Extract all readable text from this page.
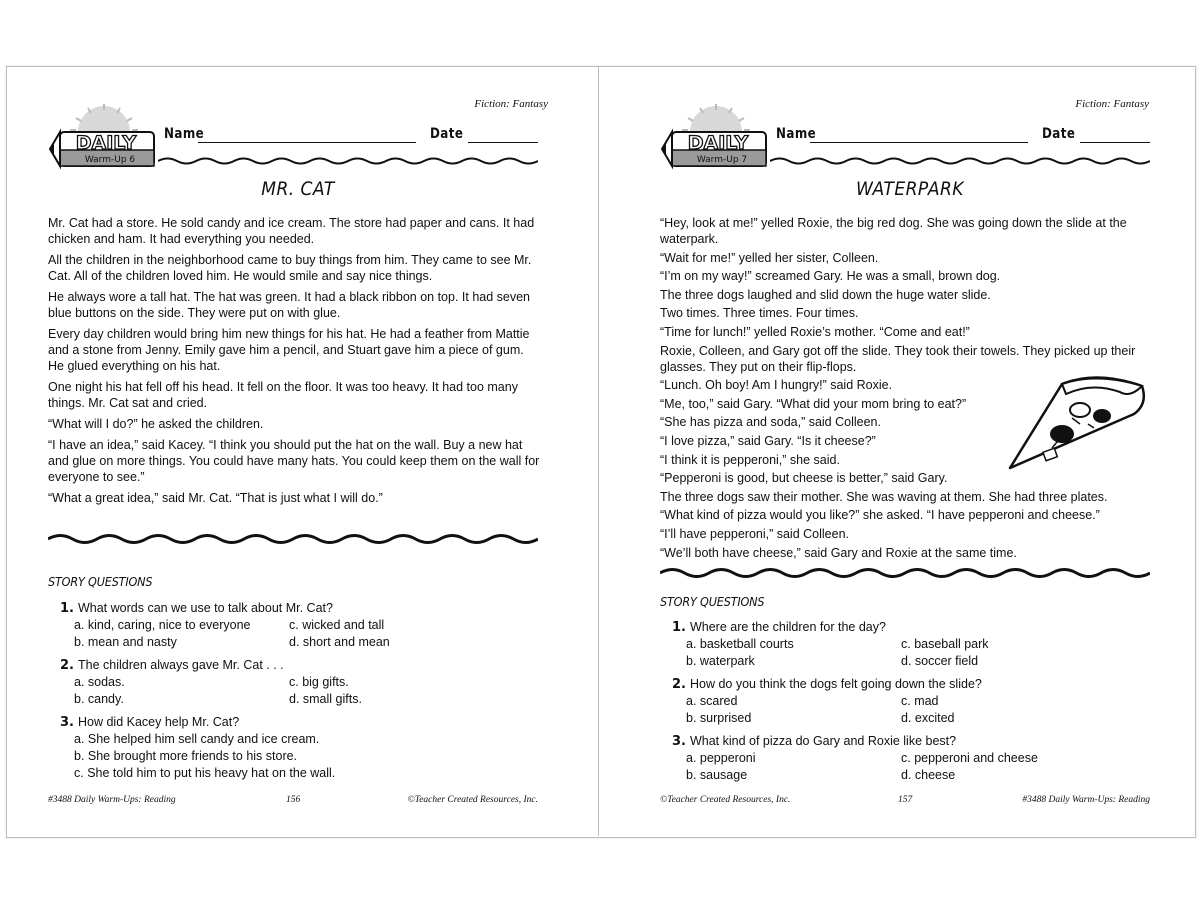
Fiction: Fantasy
DAILY
Warm-Up 6
Name	Date
MR. CAT

Mr. Cat had a store. He sold candy and ice cream. The store had paper and cans. It had chicken and ham. It had everything you needed.

All the children in the neighborhood came to buy things from him. They came to see Mr. Cat. All of the children loved him. He would smile and say nice things.

He always wore a tall hat. The hat was green. It had a black ribbon on top. It had seven blue buttons on the side. They were put on with glue.

Every day children would bring him new things for his hat. He had a feather from Mattie and a stone from Jenny. Emily gave him a pencil, and Stuart gave him a piece of gum. He glued everything on his hat.

One night his hat fell off his head. It fell on the floor. It was too heavy. It had too many things. Mr. Cat sat and cried.

“What will I do?” he asked the children.

“I have an idea,” said Kacey. “I think you should put the hat on the wall. Buy a new hat and glue on more things. You could have many hats. You could keep them on the wall for everyone to see.”

“What a great idea,” said Mr. Cat. “That is just what I will do.”

STORY QUESTIONS
1. What words can we use to talk about Mr. Cat?
a. kind, caring, nice to everyone	c. wicked and tall
b. mean and nasty	d. short and mean
2. The children always gave Mr. Cat . . .
a. sodas.	c. big gifts.
b. candy.	d. small gifts.
3. How did Kacey help Mr. Cat?
a. She helped him sell candy and ice cream.
b. She brought more friends to his store.
c. She told him to put his heavy hat on the wall.
#3488 Daily Warm-Ups: Reading	156	©Teacher Created Resources, Inc.
Fiction: Fantasy
DAILY
Warm-Up 7
Name	Date
WATERPARK

“Hey, look at me!” yelled Roxie, the big red dog. She was going down the slide at the waterpark.

“Wait for me!” yelled her sister, Colleen.

“I’m on my way!” screamed Gary. He was a small, brown dog.

The three dogs laughed and slid down the huge water slide.

Two times. Three times. Four times.

“Time for lunch!” yelled Roxie’s mother. “Come and eat!”

Roxie, Colleen, and Gary got off the slide. They took their towels. They picked up their glasses. They put on their flip-flops.

“Lunch. Oh boy! Am I hungry!” said Roxie.

“Me, too,” said Gary. “What did your mom bring to eat?”

“She has pizza and soda,” said Colleen.

“I love pizza,” said Gary. “Is it cheese?”

“I think it is pepperoni,” she said.

“Pepperoni is good, but cheese is better,” said Gary.

The three dogs saw their mother. She was waving at them. She had three plates.

“What kind of pizza would you like?” she asked. “I have pepperoni and cheese.”

“I’ll have pepperoni,” said Colleen.

“We’ll both have cheese,” said Gary and Roxie at the same time.

STORY QUESTIONS
1. Where are the children for the day?
a. basketball courts	c. baseball park
b. waterpark	d. soccer field
2. How do you think the dogs felt going down the slide?
a. scared	c. mad
b. surprised	d. excited
3. What kind of pizza do Gary and Roxie like best?
a. pepperoni	c. pepperoni and cheese
b. sausage	d. cheese
©Teacher Created Resources, Inc.	157	#3488 Daily Warm-Ups: Reading
